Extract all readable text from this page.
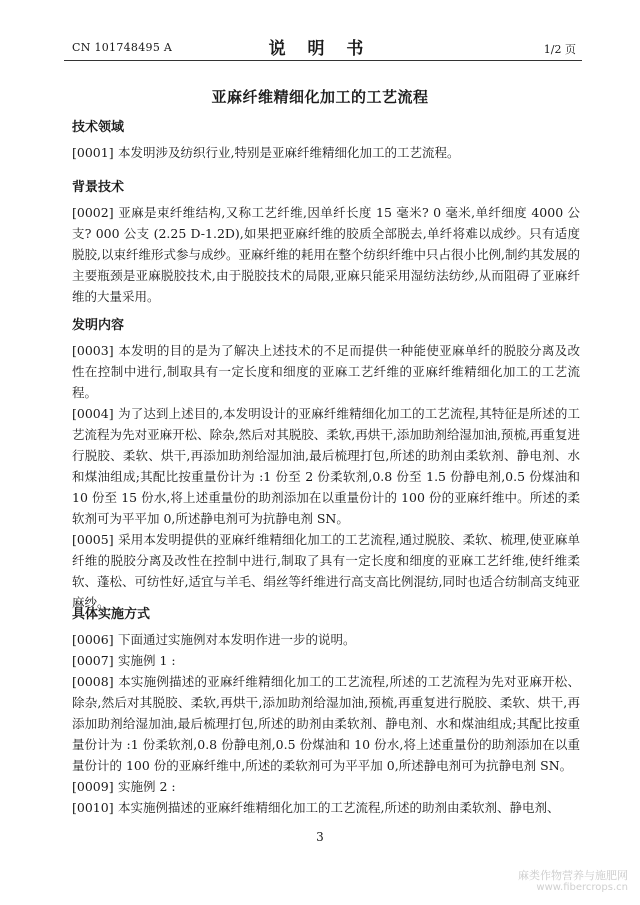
CN 101748495 A	说 明 书	1/2 页
亚麻纤维精细化加工的工艺流程
技术领域

[0001] 本发明涉及纺织行业,特别是亚麻纤维精细化加工的工艺流程。

背景技术

[0002] 亚麻是束纤维结构,又称工艺纤维,因单纤长度 15 毫米? 0 毫米,单纤细度 4000 公支? 000 公支 (2.25 D-1.2D),如果把亚麻纤维的胶质全部脱去,单纤将难以成纱。只有适度脱胶,以束纤维形式参与成纱。亚麻纤维的耗用在整个纺织纤维中只占很小比例,制约其发展的主要瓶颈是亚麻脱胶技术,由于脱胶技术的局限,亚麻只能采用湿纺法纺纱,从而阻碍了亚麻纤维的大量采用。

发明内容

[0003] 本发明的目的是为了解决上述技术的不足而提供一种能使亚麻单纤的脱胶分离及改性在控制中进行,制取具有一定长度和细度的亚麻工艺纤维的亚麻纤维精细化加工的工艺流程。

[0004] 为了达到上述目的,本发明设计的亚麻纤维精细化加工的工艺流程,其特征是所述的工艺流程为先对亚麻开松、除杂,然后对其脱胶、柔软,再烘干,添加助剂给湿加油,预梳,再重复进行脱胶、柔软、烘干,再添加助剂给湿加油,最后梳理打包,所述的助剂由柔软剂、静电剂、水和煤油组成;其配比按重量份计为 :1 份至 2 份柔软剂,0.8 份至 1.5 份静电剂,0.5 份煤油和 10 份至 15 份水,将上述重量份的助剂添加在以重量份计的 100 份的亚麻纤维中。所述的柔软剂可为平平加 0,所述静电剂可为抗静电剂 SN。

[0005] 采用本发明提供的亚麻纤维精细化加工的工艺流程,通过脱胶、柔软、梳理,使亚麻单纤维的脱胶分离及改性在控制中进行,制取了具有一定长度和细度的亚麻工艺纤维,使纤维柔软、蓬松、可纺性好,适宜与羊毛、绢丝等纤维进行高支高比例混纺,同时也适合纺制高支纯亚麻纱。

具体实施方式

[0006] 下面通过实施例对本发明作进一步的说明。

[0007] 实施例 1 :

[0008] 本实施例描述的亚麻纤维精细化加工的工艺流程,所述的工艺流程为先对亚麻开松、除杂,然后对其脱胶、柔软,再烘干,添加助剂给湿加油,预梳,再重复进行脱胶、柔软、烘干,再添加助剂给湿加油,最后梳理打包,所述的助剂由柔软剂、静电剂、水和煤油组成;其配比按重量份计为 :1 份柔软剂,0.8 份静电剂,0.5 份煤油和 10 份水,将上述重量份的助剂添加在以重量份计的 100 份的亚麻纤维中,所述的柔软剂可为平平加 0,所述静电剂可为抗静电剂 SN。

[0009] 实施例 2 :

[0010] 本实施例描述的亚麻纤维精细化加工的工艺流程,所述的助剂由柔软剂、静电剂、

3
麻类作物营养与施肥网
www.fibercrops.cn
